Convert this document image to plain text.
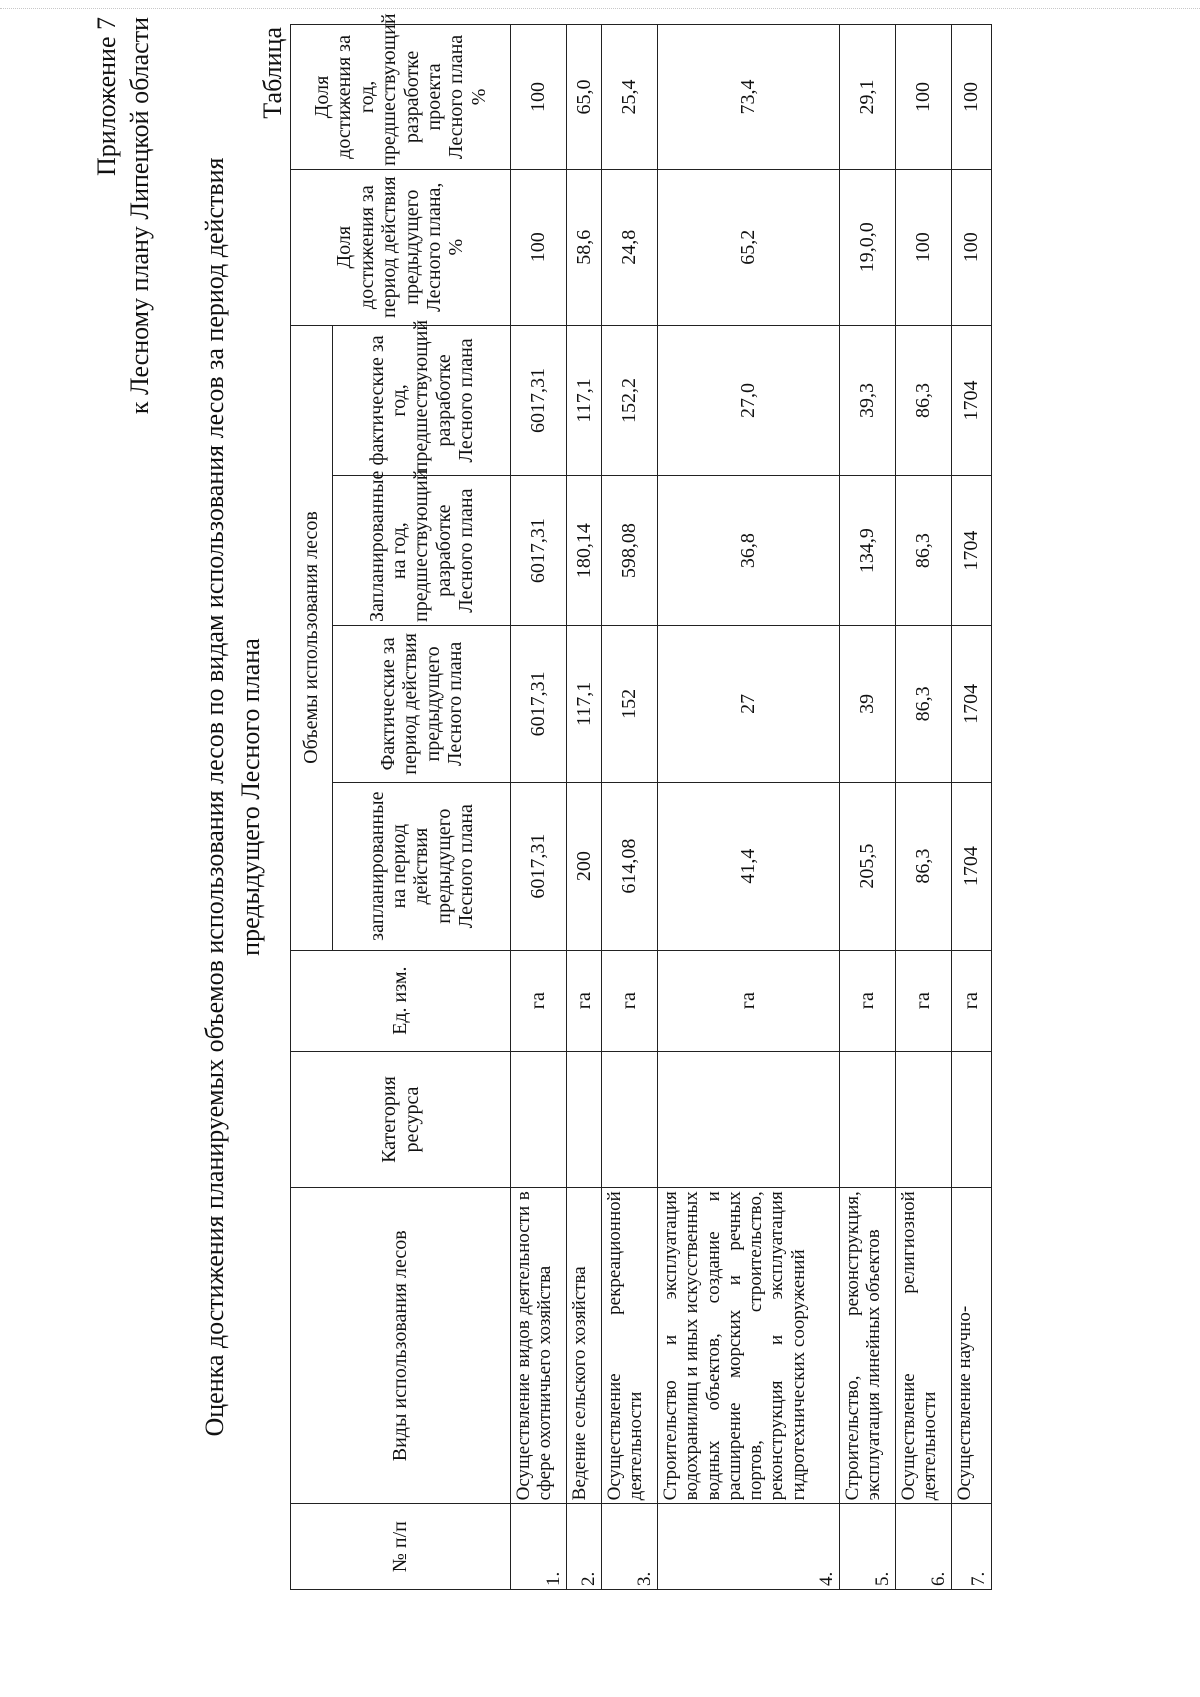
Приложение 7 к Лесному плану Липецкой области Оценка достижения планируемых объемов использования лесов по видам использования лесов за период действия предыдущего Лесного плана
Таблица
№ п/п	Виды использования лесов	Категория ресурса	Ед. изм.	Объемы использования лесов				Доля достижения за период действия предыдущего Лесного плана, %	Доля достижения за год, предшествующий разработке проекта Лесного плана %
				запланированные на период действия предыдущего Лесного плана	Фактические за период действия предыдущего Лесного плана	Запланированные на год, предшествующий разработке Лесного плана	фактические за год, предшествующий разработке Лесного плана		
1.	Осуществление видов деятельности в сфере охотничьего хозяйства		га	6017,31	6017,31	6017,31	6017,31	100	100
2.	Ведение сельского хозяйства		га	200	117,1	180,14	117,1	58,6	65,0
3.	Осуществление рекреационной деятельности		га	614,08	152	598,08	152,2	24,8	25,4
4.	Строительство и эксплуатация водохранилищ и иных искусственных водных объектов, создание и расширение морских и речных портов, строительство, реконструкция и эксплуатация гидротехнических сооружений		га	41,4	27	36,8	27,0	65,2	73,4
5.	Строительство, реконструкция, эксплуатация линейных объектов		га	205,5	39	134,9	39,3	19,0,0	29,1
6.	Осуществление религиозной деятельности		га	86,3	86,3	86,3	86,3	100	100
7.	Осуществление научно-		га	1704	1704	1704	1704	100	100
